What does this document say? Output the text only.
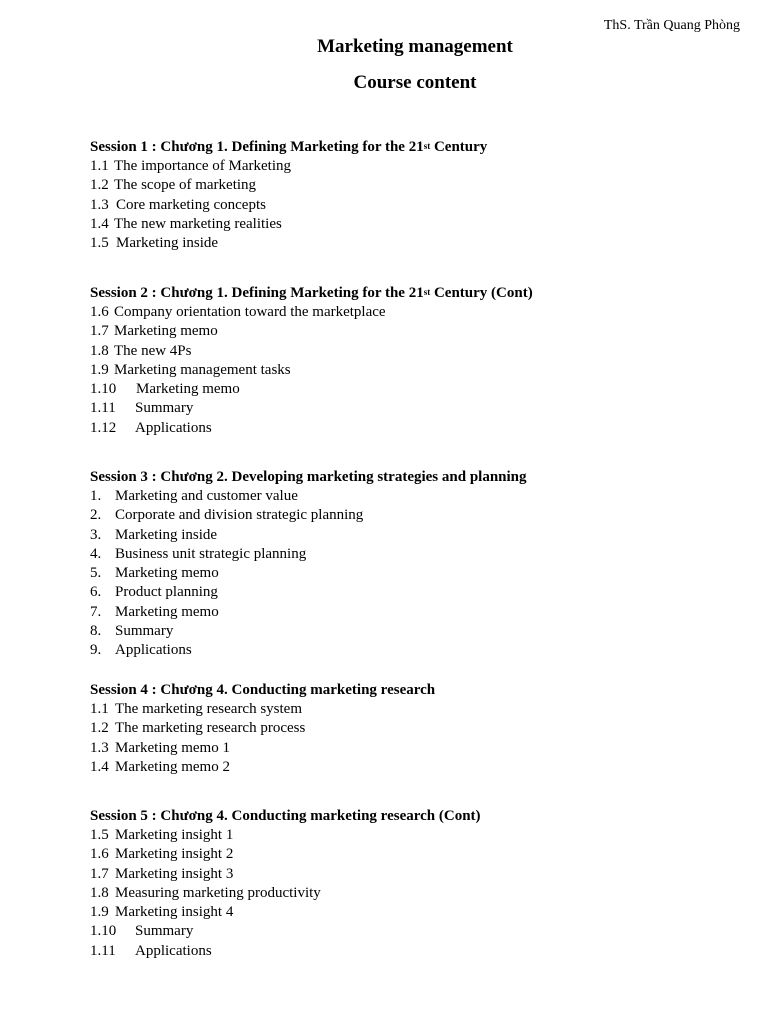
ThS. Trần Quang Phòng
Marketing management
Course content
Session 1 : Chương 1. Defining Marketing for the 21st Century
1.1 The importance of Marketing
1.2 The scope of marketing
1.3 Core marketing concepts
1.4 The new marketing realities
1.5 Marketing inside
Session 2 : Chương 1. Defining Marketing for the 21st Century (Cont)
1.6 Company orientation toward the marketplace
1.7 Marketing memo
1.8 The new 4Ps
1.9 Marketing management tasks
1.10 Marketing memo
1.11 Summary
1.12 Applications
Session 3 : Chương 2. Developing marketing strategies and planning
1. Marketing and customer value
2. Corporate and division strategic planning
3. Marketing inside
4. Business unit strategic planning
5. Marketing memo
6. Product planning
7. Marketing memo
8. Summary
9. Applications
Session 4 : Chương 4. Conducting marketing research
1.1 The marketing research system
1.2 The marketing research process
1.3 Marketing memo 1
1.4 Marketing memo 2
Session 5 : Chương 4. Conducting marketing research (Cont)
1.5 Marketing insight 1
1.6 Marketing insight 2
1.7 Marketing insight 3
1.8 Measuring marketing productivity
1.9 Marketing insight 4
1.10 Summary
1.11 Applications
